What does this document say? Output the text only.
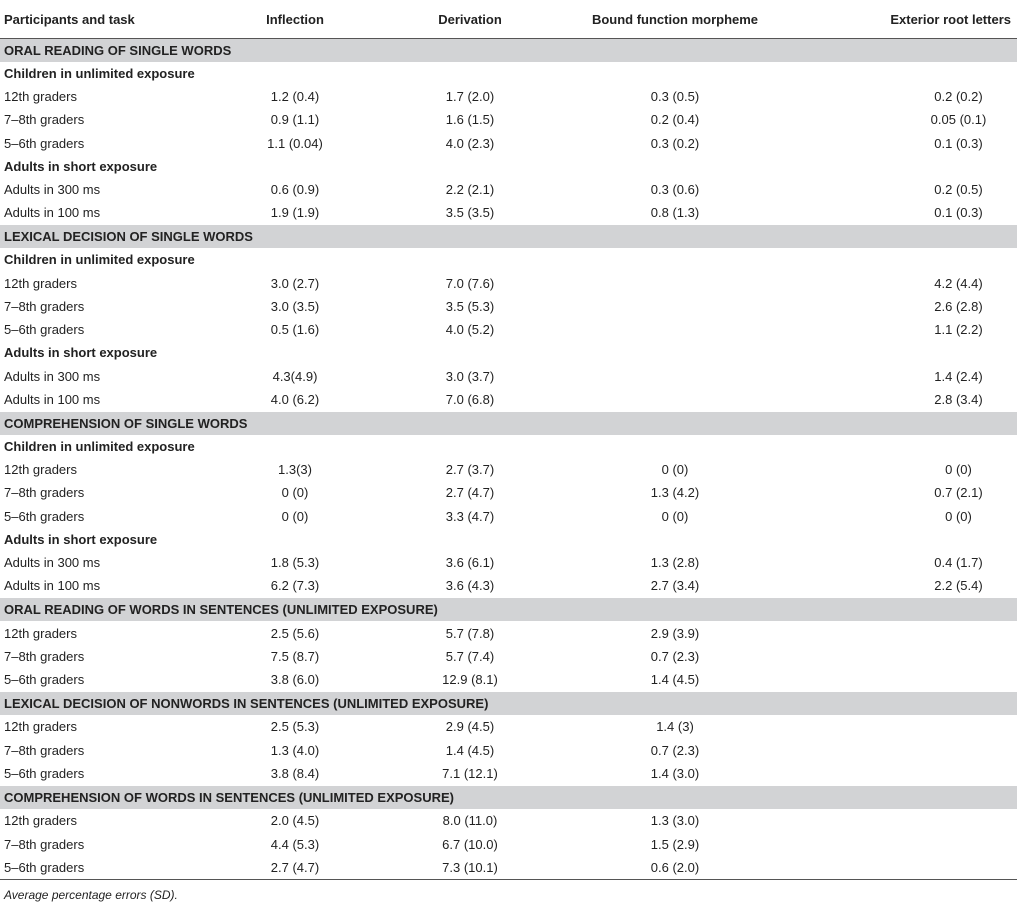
Participants and task	Inflection	Derivation	Bound function morpheme	Exterior root letters
ORAL READING OF SINGLE WORDS				
Children in unlimited exposure				
12th graders	1.2 (0.4)	1.7 (2.0)	0.3 (0.5)	0.2 (0.2)
7–8th graders	0.9 (1.1)	1.6 (1.5)	0.2 (0.4)	0.05 (0.1)
5–6th graders	1.1 (0.04)	4.0 (2.3)	0.3 (0.2)	0.1 (0.3)
Adults in short exposure				
Adults in 300 ms	0.6 (0.9)	2.2 (2.1)	0.3 (0.6)	0.2 (0.5)
Adults in 100 ms	1.9 (1.9)	3.5 (3.5)	0.8 (1.3)	0.1 (0.3)
LEXICAL DECISION OF SINGLE WORDS				
Children in unlimited exposure				
12th graders	3.0 (2.7)	7.0 (7.6)		4.2 (4.4)
7–8th graders	3.0 (3.5)	3.5 (5.3)		2.6 (2.8)
5–6th graders	0.5 (1.6)	4.0 (5.2)		1.1 (2.2)
Adults in short exposure				
Adults in 300 ms	4.3(4.9)	3.0 (3.7)		1.4 (2.4)
Adults in 100 ms	4.0 (6.2)	7.0 (6.8)		2.8 (3.4)
COMPREHENSION OF SINGLE WORDS				
Children in unlimited exposure				
12th graders	1.3(3)	2.7 (3.7)	0 (0)	0 (0)
7–8th graders	0 (0)	2.7 (4.7)	1.3 (4.2)	0.7 (2.1)
5–6th graders	0 (0)	3.3 (4.7)	0 (0)	0 (0)
Adults in short exposure				
Adults in 300 ms	1.8 (5.3)	3.6 (6.1)	1.3 (2.8)	0.4 (1.7)
Adults in 100 ms	6.2 (7.3)	3.6 (4.3)	2.7 (3.4)	2.2 (5.4)
ORAL READING OF WORDS IN SENTENCES (UNLIMITED EXPOSURE)				
12th graders	2.5 (5.6)	5.7 (7.8)	2.9 (3.9)	
7–8th graders	7.5 (8.7)	5.7 (7.4)	0.7 (2.3)	
5–6th graders	3.8 (6.0)	12.9 (8.1)	1.4 (4.5)	
LEXICAL DECISION OF NONWORDS IN SENTENCES (UNLIMITED EXPOSURE)				
12th graders	2.5 (5.3)	2.9 (4.5)	1.4 (3)	
7–8th graders	1.3 (4.0)	1.4 (4.5)	0.7 (2.3)	
5–6th graders	3.8 (8.4)	7.1 (12.1)	1.4 (3.0)	
COMPREHENSION OF WORDS IN SENTENCES (UNLIMITED EXPOSURE)				
12th graders	2.0 (4.5)	8.0 (11.0)	1.3 (3.0)	
7–8th graders	4.4 (5.3)	6.7 (10.0)	1.5 (2.9)	
5–6th graders	2.7 (4.7)	7.3 (10.1)	0.6 (2.0)	
Average percentage errors (SD).
